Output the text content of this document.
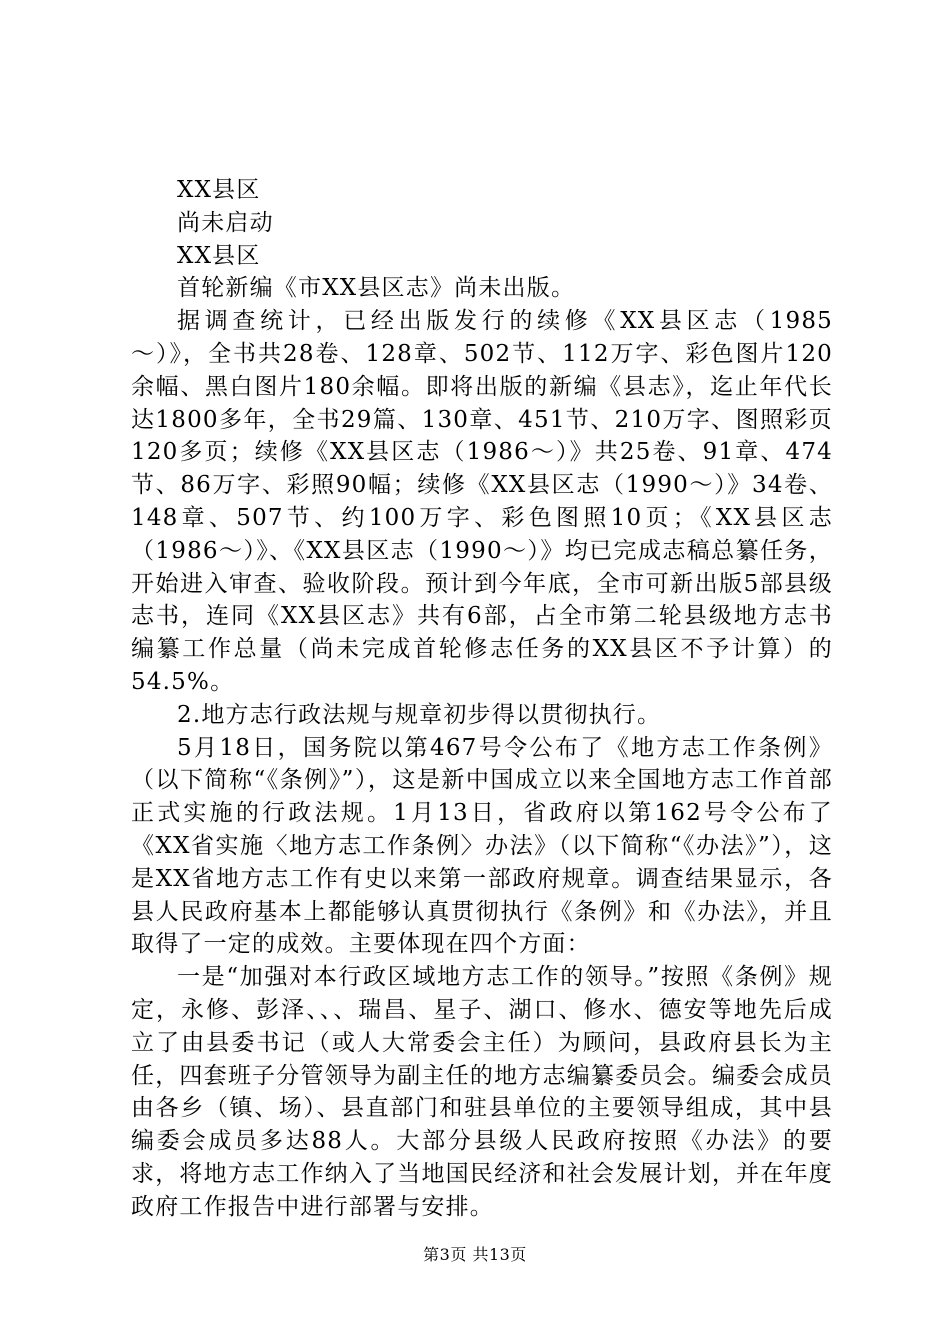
XX县区
尚未启动
XX县区
首轮新编《市XX县区志》尚未出版。

据调查统计，已经出版发行的续修《XX县区志（1985～）》，全书共28卷、128章、502节、112万字、彩色图片120余幅、黑白图片180余幅。即将出版的新编《县志》，迄止年代长达1800多年，全书29篇、130章、451节、210万字、图照彩页120多页；续修《XX县区志（1986～）》共25卷、91章、474节、86万字、彩照90幅；续修《XX县区志（1990～）》34卷、148章、507节、约100万字、彩色图照10页；《XX县区志（1986～）》、《XX县区志（1990～）》均已完成志稿总纂任务，开始进入审查、验收阶段。预计到今年底，全市可新出版5部县级志书，连同《XX县区志》共有6部，占全市第二轮县级地方志书编纂工作总量（尚未完成首轮修志任务的XX县区不予计算）的54.5%。

2.地方志行政法规与规章初步得以贯彻执行。

5月18日，国务院以第467号令公布了《地方志工作条例》（以下简称“《条例》”），这是新中国成立以来全国地方志工作首部正式实施的行政法规。1月13日，省政府以第162号令公布了《XX省实施〈地方志工作条例〉办法》（以下简称“《办法》”），这是XX省地方志工作有史以来第一部政府规章。调查结果显示，各县人民政府基本上都能够认真贯彻执行《条例》和《办法》，并且取得了一定的成效。主要体现在四个方面：

一是“加强对本行政区域地方志工作的领导。”按照《条例》规定，永修、彭泽、、、瑞昌、星子、湖口、修水、德安等地先后成立了由县委书记（或人大常委会主任）为顾问，县政府县长为主任，四套班子分管领导为副主任的地方志编纂委员会。编委会成员由各乡（镇、场）、县直部门和驻县单位的主要领导组成，其中县编委会成员多达88人。大部分县级人民政府按照《办法》的要求，将地方志工作纳入了当地国民经济和社会发展计划，并在年度政府工作报告中进行部署与安排。

第3页 共13页
